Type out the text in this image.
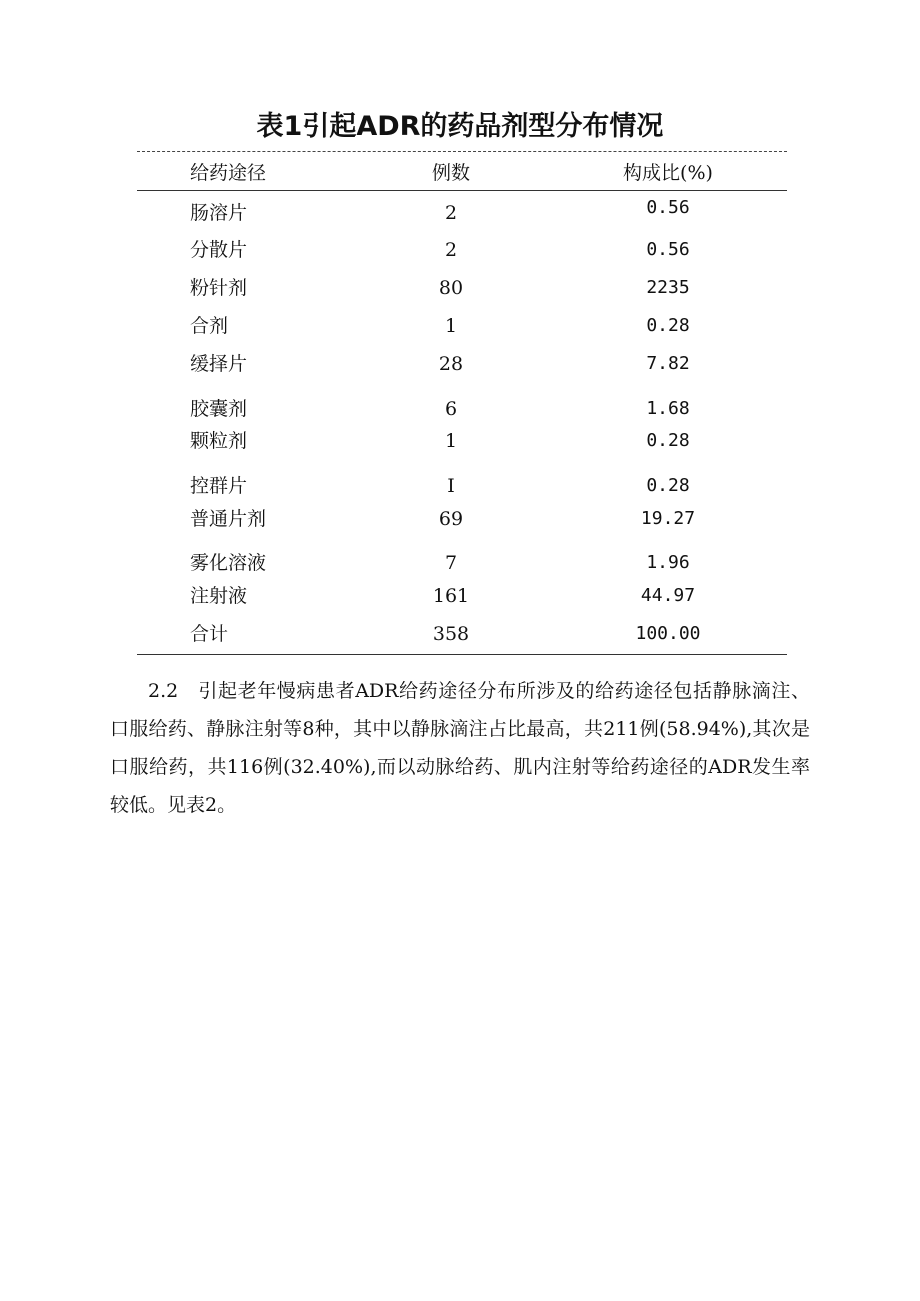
表1引起ADR的药品剂型分布情况
给药途径	例数	构成比(%)
肠溶片	2	0.56
分散片	2	0.56
粉针剂	80	2235
合剂	1	0.28
缓择片	28	7.82
胶囊剂	6	1.68
颗粒剂	1	0.28
控群片	I	0.28
普通片剂	69	19.27
雾化溶液	7	1.96
注射液	161	44.97
合计	358	100.00

2.2　引起老年慢病患者ADR给药途径分布所涉及的给药途径包括静脉滴注、口服给药、静脉注射等8种，其中以静脉滴注占比最高，共211例(58.94%),其次是口服给药，共116例(32.40%),而以动脉给药、肌内注射等给药途径的ADR发生率较低。见表2。
